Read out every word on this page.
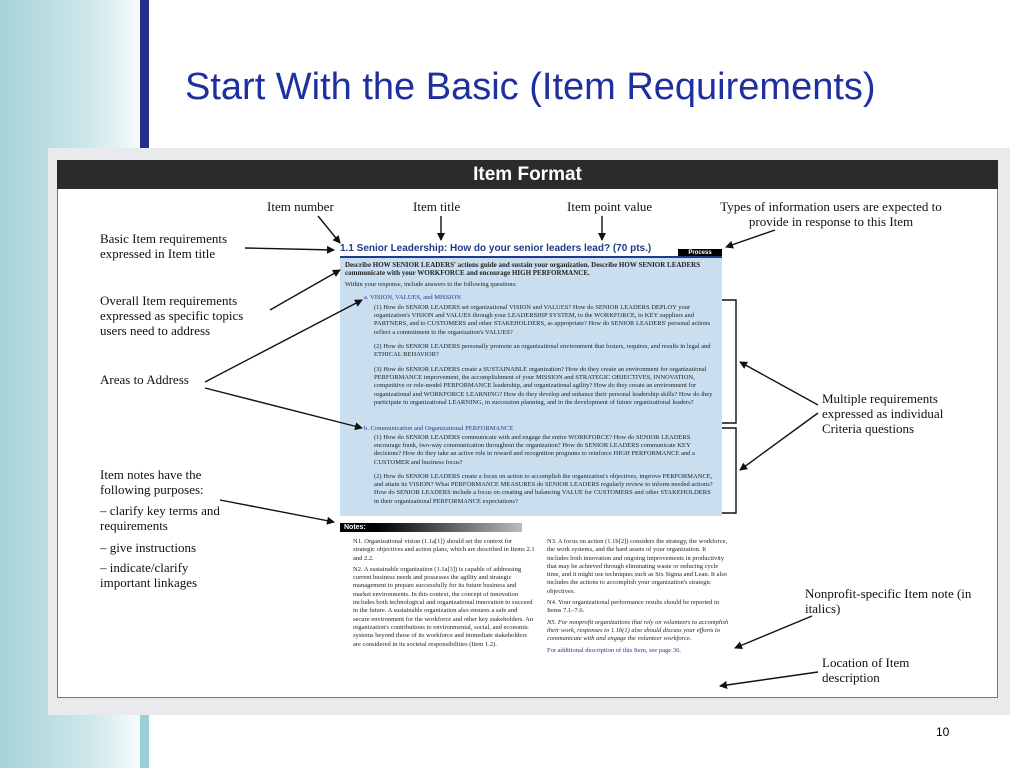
Start With the Basic (Item Requirements)
Item Format
Item number	Item title	Item point value	Types of information users are expected to provide in response to this Item
Basic Item requirements expressed in Item title
Overall Item requirements expressed as specific topics users need to address
Areas to Address
Item notes have the following purposes:
– clarify key terms and requirements
– give instructions
– indicate/clarify important linkages
Multiple requirements expressed as individual Criteria questions
Nonprofit-specific Item note (in italics)
Location of Item description
1.1 Senior Leadership: How do your senior leaders lead? (70 pts.)	Process
Describe HOW SENIOR LEADERS' actions guide and sustain your organization. Describe HOW SENIOR LEADERS communicate with your WORKFORCE and encourage HIGH PERFORMANCE.
Within your response, include answers to the following questions:
a. VISION, VALUES, and MISSION
(1) How do SENIOR LEADERS set organizational VISION and VALUES? How do SENIOR LEADERS DEPLOY your organization's VISION and VALUES through your LEADERSHIP SYSTEM, to the WORKFORCE, to KEY suppliers and PARTNERS, and to CUSTOMERS and other STAKEHOLDERS, as appropriate? How do SENIOR LEADERS' personal actions reflect a commitment to the organization's VALUES?
(2) How do SENIOR LEADERS personally promote an organizational environment that fosters, requires, and results in legal and ETHICAL BEHAVIOR?
(3) How do SENIOR LEADERS create a SUSTAINABLE organization? How do they create an environment for organizational PERFORMANCE improvement, the accomplishment of your MISSION and STRATEGIC OBJECTIVES, INNOVATION, competitive or role-model PERFORMANCE leadership, and organizational agility? How do they create an environment for organizational and WORKFORCE LEARNING? How do they develop and enhance their personal leadership skills? How do they participate in organizational LEARNING, in succession planning, and in the development of future organizational leaders?
b. Communication and Organizational PERFORMANCE
(1) How do SENIOR LEADERS communicate with and engage the entire WORKFORCE? How do SENIOR LEADERS encourage frank, two-way communication throughout the organization? How do SENIOR LEADERS communicate KEY decisions? How do they take an active role in reward and recognition programs to reinforce HIGH PERFORMANCE and a CUSTOMER and business focus?
(2) How do SENIOR LEADERS create a focus on action to accomplish the organization's objectives, improve PERFORMANCE, and attain its VISION? What PERFORMANCE MEASURES do SENIOR LEADERS regularly review to inform needed actions? How do SENIOR LEADERS include a focus on creating and balancing VALUE for CUSTOMERS and other STAKEHOLDERS in their organizational PERFORMANCE expectations?
Notes:

N1. Organizational vision (1.1a[1]) should set the context for strategic objectives and action plans, which are described in Items 2.1 and 2.2.

N2. A sustainable organization (1.1a[3]) is capable of addressing current business needs and possesses the agility and strategic management to prepare successfully for its future business and market environments. In this context, the concept of innovation includes both technological and organizational innovation to succeed in the future. A sustainable organization also ensures a safe and secure environment for the workforce and other key stakeholders. An organization's contributions to environmental, social, and economic systems beyond those of its workforce and immediate stakeholders are considered in its societal responsibilities (Item 1.2).

N3. A focus on action (1.1b[2]) considers the strategy, the workforce, the work systems, and the hard assets of your organization. It includes both innovation and ongoing improvements in productivity that may be achieved through eliminating waste or reducing cycle time, and it might use techniques such as Six Sigma and Lean. It also includes the actions to accomplish your organization's strategic objectives.

N4. Your organizational performance results should be reported in Items 7.1–7.6.

N5. For nonprofit organizations that rely on volunteers to accomplish their work, responses to 1.1b(1) also should discuss your efforts to communicate with and engage the volunteer workforce.

For additional description of this Item, see page 36.

10
